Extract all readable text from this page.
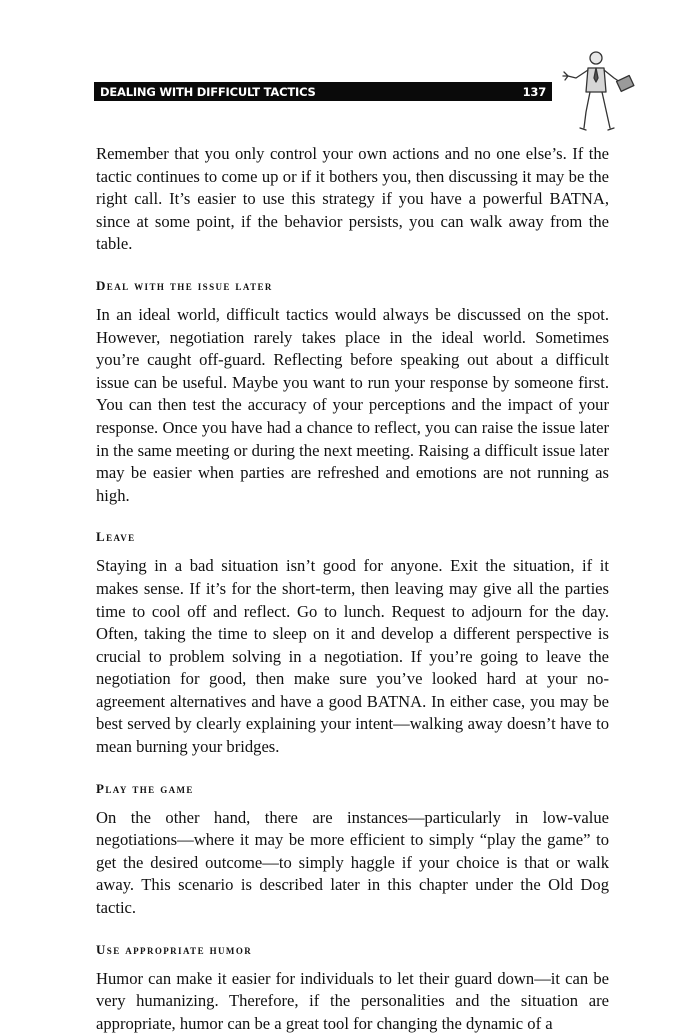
DEALING WITH DIFFICULT TACTICS	137

Remember that you only control your own actions and no one else’s. If the tactic continues to come up or if it bothers you, then discussing it may be the right call. It’s easier to use this strategy if you have a powerful BATNA, since at some point, if the behavior persists, you can walk away from the table.

Deal with the issue later

In an ideal world, difficult tactics would always be discussed on the spot. However, negotiation rarely takes place in the ideal world. Sometimes you’re caught off-guard. Reflecting before speaking out about a difficult issue can be useful. Maybe you want to run your response by someone first. You can then test the accuracy of your perceptions and the impact of your response. Once you have had a chance to reflect, you can raise the issue later in the same meeting or during the next meeting. Raising a difficult issue later may be easier when parties are refreshed and emotions are not running as high.

Leave

Staying in a bad situation isn’t good for anyone. Exit the situation, if it makes sense. If it’s for the short-term, then leaving may give all the parties time to cool off and reflect. Go to lunch. Request to adjourn for the day. Often, taking the time to sleep on it and develop a different perspective is crucial to problem solving in a negotiation. If you’re going to leave the negotiation for good, then make sure you’ve looked hard at your no-agreement alternatives and have a good BATNA. In either case, you may be best served by clearly explaining your intent—walking away doesn’t have to mean burning your bridges.

Play the game

On the other hand, there are instances—particularly in low-value negotiations—where it may be more efficient to simply “play the game” to get the desired outcome—to simply haggle if your choice is that or walk away. This scenario is described later in this chapter under the Old Dog tactic.

Use appropriate humor

Humor can make it easier for individuals to let their guard down—it can be very humanizing. Therefore, if the personalities and the situation are appropriate, humor can be a great tool for changing the dynamic of a
